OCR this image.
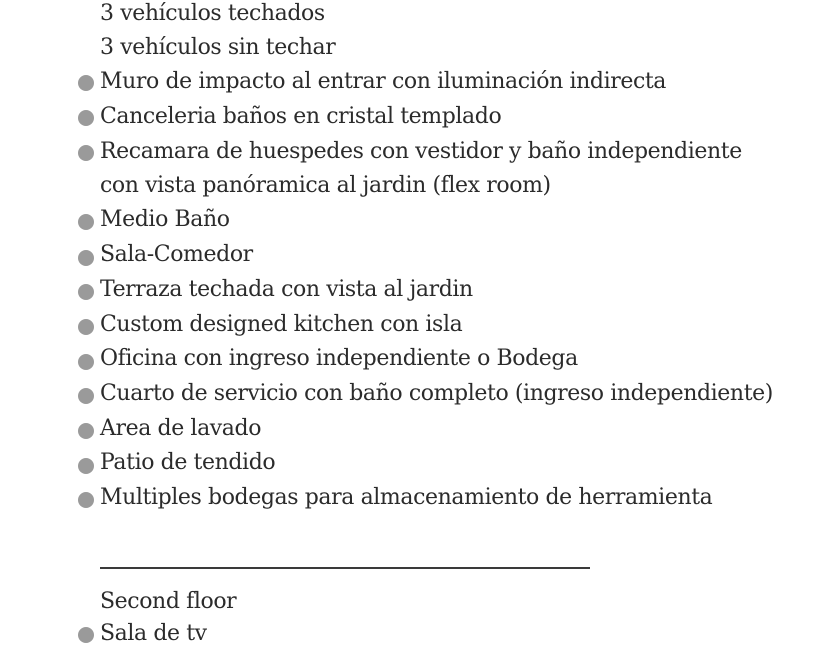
3 vehículos techados
3 vehículos sin techar
Muro de impacto al entrar con iluminación indirecta
Canceleria baños en cristal templado
Recamara de huespedes con vestidor y baño independiente
con vista panóramica al jardin (flex room)
Medio Baño
Sala-Comedor
Terraza techada con vista al jardin
Custom designed kitchen con isla
Oficina con ingreso independiente o Bodega
Cuarto de servicio con baño completo (ingreso independiente)
Area de lavado
Patio de tendido
Multiples bodegas para almacenamiento de herramienta
Second floor
Sala de tv
